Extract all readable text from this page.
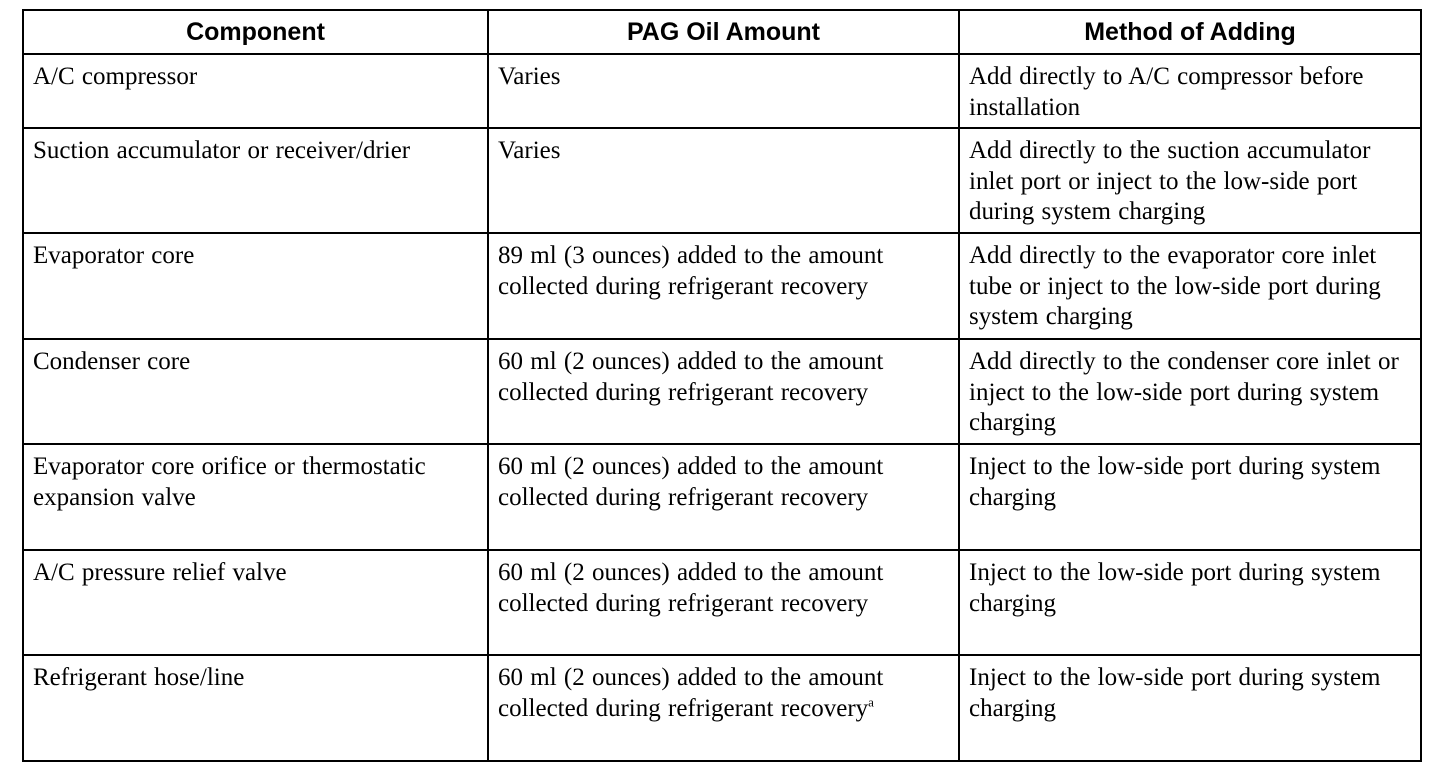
Component	PAG Oil Amount	Method of Adding
A/C compressor	Varies	Add directly to A/C compressor before installation
Suction accumulator or receiver/drier	Varies	Add directly to the suction accumulator inlet port or inject to the low-side port during system charging
Evaporator core	89 ml (3 ounces) added to the amount collected during refrigerant recovery	Add directly to the evaporator core inlet tube or inject to the low-side port during system charging
Condenser core	60 ml (2 ounces) added to the amount collected during refrigerant recovery	Add directly to the condenser core inlet or inject to the low-side port during system charging
Evaporator core orifice or thermostatic expansion valve	60 ml (2 ounces) added to the amount collected during refrigerant recovery	Inject to the low-side port during system charging
A/C pressure relief valve	60 ml (2 ounces) added to the amount collected during refrigerant recovery	Inject to the low-side port during system charging
Refrigerant hose/line	60 ml (2 ounces) added to the amount collected during refrigerant recovery$^a$	Inject to the low-side port during system charging
